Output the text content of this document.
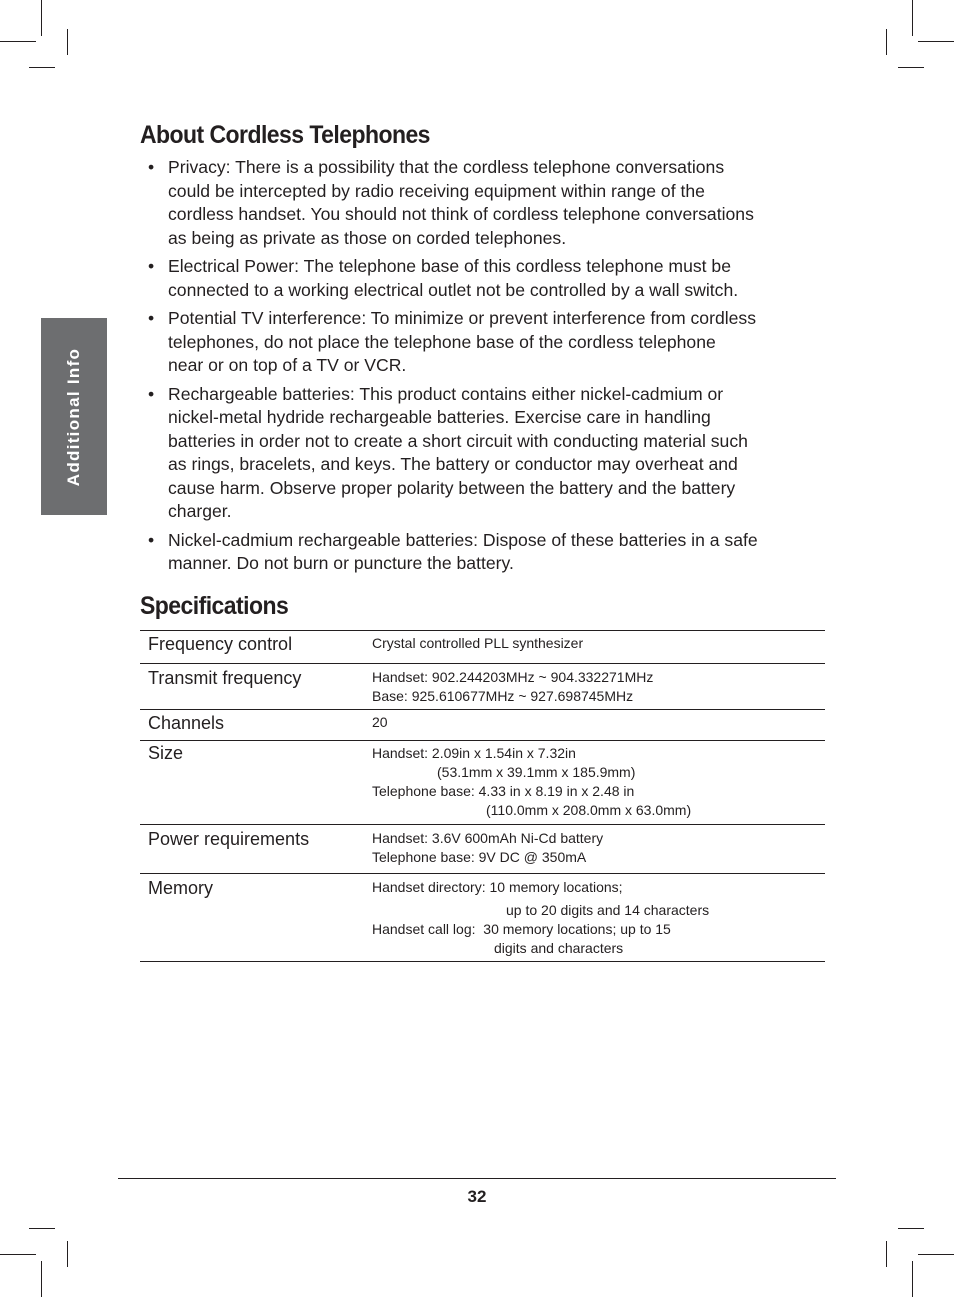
Additional Info
About Cordless Telephones
• Privacy: There is a possibility that the cordless telephone conversations
could be intercepted by radio receiving equipment within range of the
cordless handset. You should not think of cordless telephone conversations
as being as private as those on corded telephones.
• Electrical Power: The telephone base of this cordless telephone must be
connected to a working electrical outlet not be controlled by a wall switch.
• Potential TV interference: To minimize or prevent interference from cordless
telephones, do not place the telephone base of the cordless telephone
near or on top of a TV or VCR.
• Rechargeable batteries: This product contains either nickel-cadmium or
nickel-metal hydride rechargeable batteries. Exercise care in handling
batteries in order not to create a short circuit with conducting material such
as rings, bracelets, and keys. The battery or conductor may overheat and
cause harm. Observe proper polarity between the battery and the battery
charger.
• Nickel-cadmium rechargeable batteries: Dispose of these batteries in a safe
manner. Do not burn or puncture the battery.
Specifications
Frequency control	Crystal controlled PLL synthesizer

Transmit frequency	Handset: 902.244203MHz ~ 904.332271MHz
Base: 925.610677MHz ~ 927.698745MHz

Channels	20

Size	Handset: 2.09in x 1.54in x 7.32in
(53.1mm x 39.1mm x 185.9mm)
Telephone base: 4.33 in x 8.19 in x 2.48 in
(110.0mm x 208.0mm x 63.0mm)

Power requirements	Handset: 3.6V 600mAh Ni-Cd battery
Telephone base: 9V DC @ 350mA

Memory	Handset directory: 10 memory locations;
up to 20 digits and 14 characters
Handset call log:  30 memory locations; up to 15
digits and characters
32
